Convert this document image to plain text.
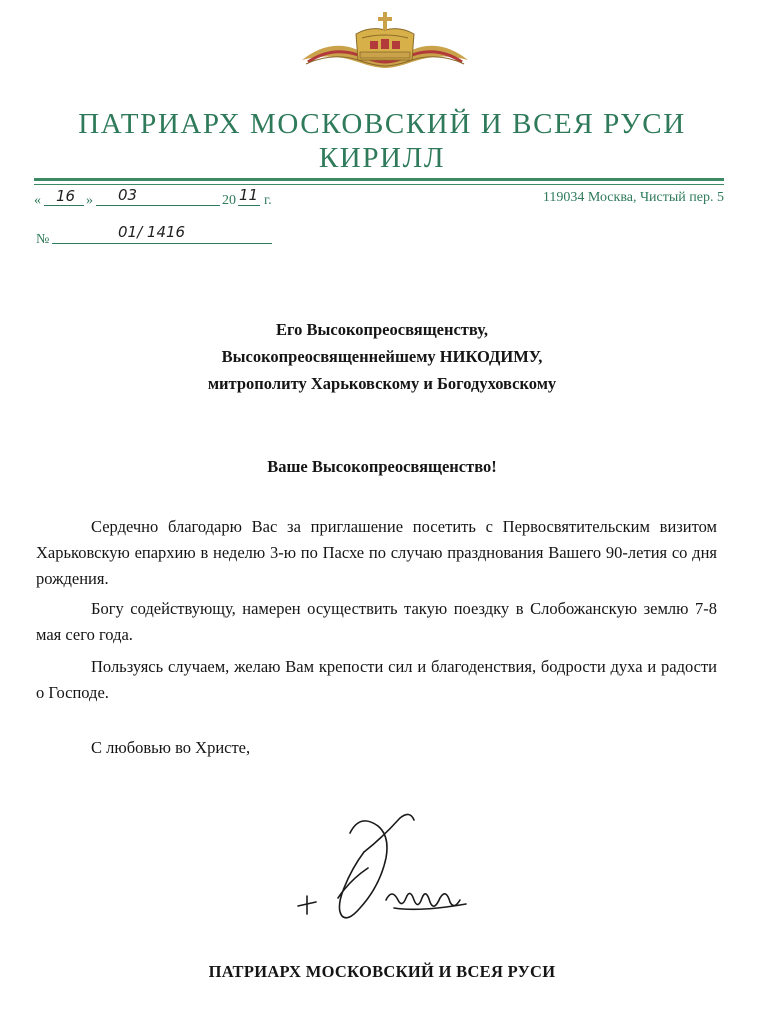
ПАТРИАРХ МОСКОВСКИЙ И ВСЕЯ РУСИ
КИРИЛЛ
« 16 » 03	20 11 г.	119034 Москва, Чистый пер. 5
№	01/ 1416
Его Высокопреосвященству,
Высокопреосвященнейшему НИКОДИМУ,
митрополиту Харьковскому и Богодуховскому
Ваше Высокопреосвященство!

Сердечно благодарю Вас за приглашение посетить с Первосвятительским визитом Харьковскую епархию в неделю 3-ю по Пасхе по случаю празднования Вашего 90-летия со дня рождения.

Богу содействующу, намерен осуществить такую поездку в Слобожанскую землю 7-8 мая сего года.

Пользуясь случаем, желаю Вам крепости сил и благоденствия, бодрости духа и радости о Господе.

С любовью во Христе,
ПАТРИАРХ МОСКОВСКИЙ И ВСЕЯ РУСИ
